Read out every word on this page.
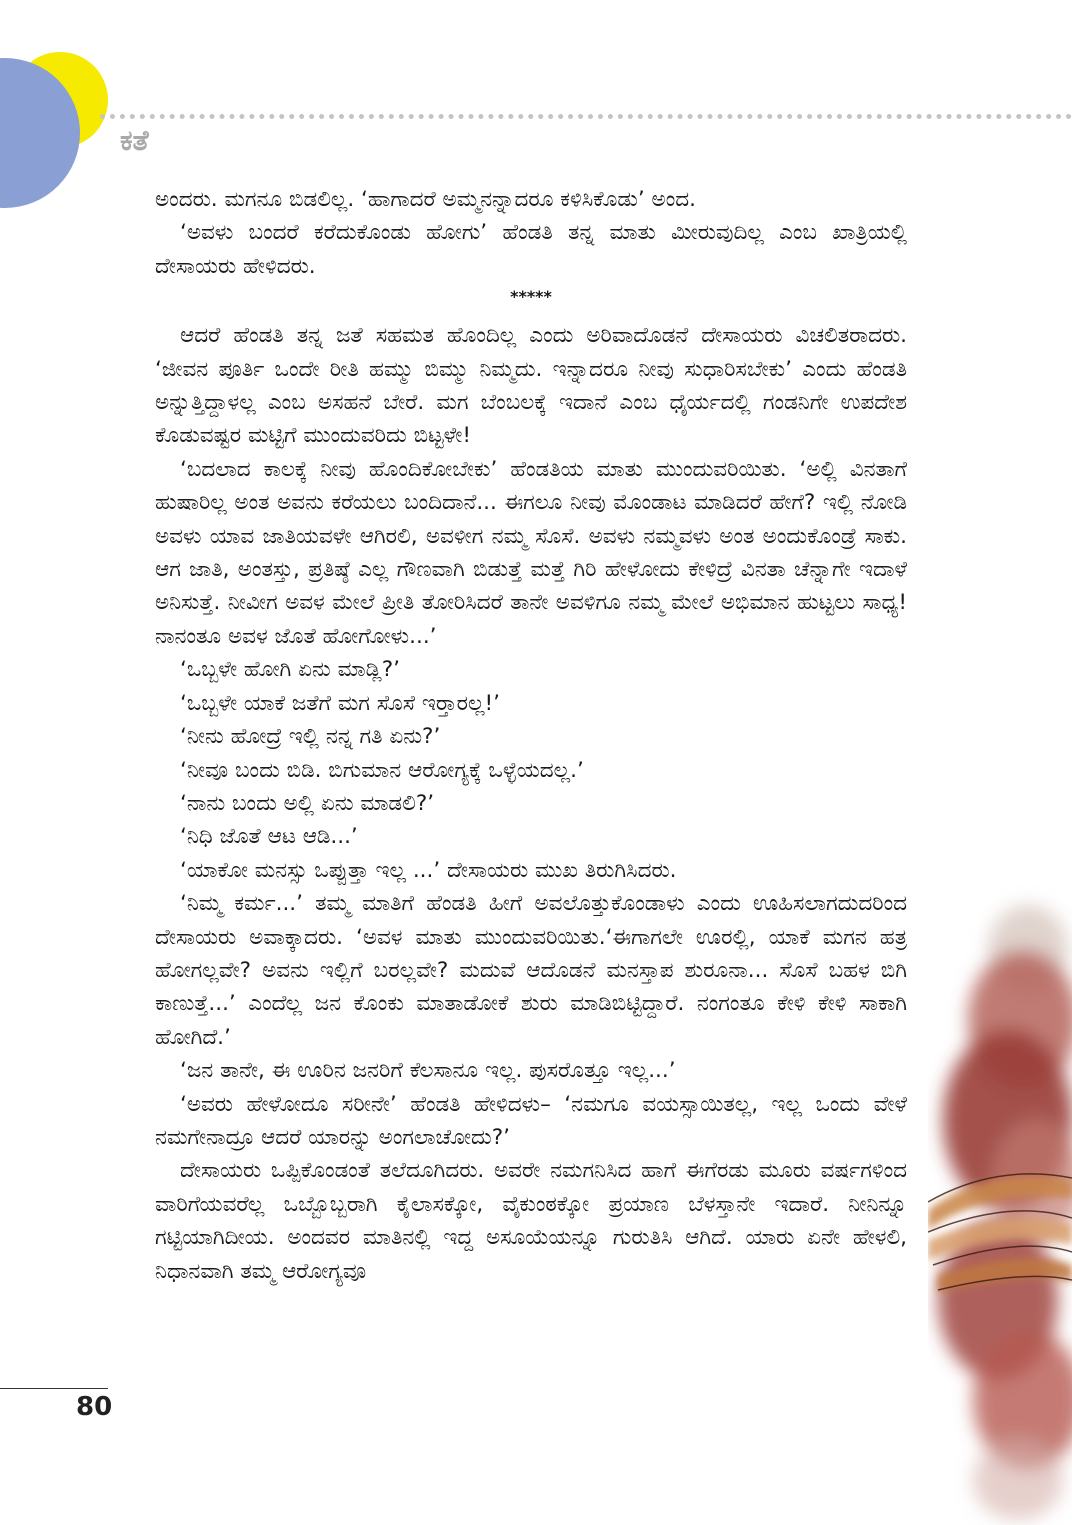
ಕತೆ

ಅಂದರು. ಮಗನೂ ಬಿಡಲಿಲ್ಲ. ‘ಹಾಗಾದರೆ ಅಮ್ಮನನ್ನಾದರೂ ಕಳಿಸಿಕೊಡು’ ಅಂದ.

‘ಅವಳು ಬಂದರೆ ಕರೆದುಕೊಂಡು ಹೋಗು’ ಹೆಂಡತಿ ತನ್ನ ಮಾತು ಮೀರುವುದಿಲ್ಲ ಎಂಬ ಖಾತ್ರಿಯಲ್ಲಿ ದೇಸಾಯರು ಹೇಳಿದರು.

*****

ಆದರೆ ಹೆಂಡತಿ ತನ್ನ ಜತೆ ಸಹಮತ ಹೊಂದಿಲ್ಲ ಎಂದು ಅರಿವಾದೊಡನೆ ದೇಸಾಯರು ವಿಚಲಿತರಾದರು. ‘ಜೀವನ ಪೂರ್ತಿ ಒಂದೇ ರೀತಿ ಹಮ್ಮು ಬಿಮ್ಮು ನಿಮ್ಮದು. ಇನ್ನಾದರೂ ನೀವು ಸುಧಾರಿಸಬೇಕು’ ಎಂದು ಹೆಂಡತಿ ಅನ್ನುತ್ತಿದ್ದಾಳಲ್ಲ ಎಂಬ ಅಸಹನೆ ಬೇರೆ. ಮಗ ಬೆಂಬಲಕ್ಕೆ ಇದಾನೆ ಎಂಬ ಧೈರ್ಯದಲ್ಲಿ ಗಂಡನಿಗೇ ಉಪದೇಶ ಕೊಡುವಷ್ಟರ ಮಟ್ಟಿಗೆ ಮುಂದುವರಿದು ಬಿಟ್ಟಳೇ!

‘ಬದಲಾದ ಕಾಲಕ್ಕೆ ನೀವು ಹೊಂದಿಕೋಬೇಕು’ ಹೆಂಡತಿಯ ಮಾತು ಮುಂದುವರಿಯಿತು. ‘ಅಲ್ಲಿ ವಿನತಾಗೆ ಹುಷಾರಿಲ್ಲ ಅಂತ ಅವನು ಕರೆಯಲು ಬಂದಿದಾನೆ... ಈಗಲೂ ನೀವು ಮೊಂಡಾಟ ಮಾಡಿದರೆ ಹೇಗೆ? ಇಲ್ಲಿ ನೋಡಿ ಅವಳು ಯಾವ ಜಾತಿಯವಳೇ ಆಗಿರಲಿ, ಅವಳೀಗ ನಮ್ಮ ಸೊಸೆ. ಅವಳು ನಮ್ಮವಳು ಅಂತ ಅಂದುಕೊಂಡ್ರೆ ಸಾಕು. ಆಗ ಜಾತಿ, ಅಂತಸ್ತು, ಪ್ರತಿಷ್ಠೆ ಎಲ್ಲ ಗೌಣವಾಗಿ ಬಿಡುತ್ತೆ ಮತ್ತೆ ಗಿರಿ ಹೇಳೋದು ಕೇಳಿದ್ರೆ ವಿನತಾ ಚೆನ್ನಾಗೇ ಇದಾಳೆ ಅನಿಸುತ್ತೆ. ನೀವೀಗ ಅವಳ ಮೇಲೆ ಪ್ರೀತಿ ತೋರಿಸಿದರೆ ತಾನೇ ಅವಳಿಗೂ ನಮ್ಮ ಮೇಲೆ ಅಭಿಮಾನ ಹುಟ್ಟಲು ಸಾಧ್ಯ! ನಾನಂತೂ ಅವಳ ಜೊತೆ ಹೋಗೋಳು...’

‘ಒಬ್ಬಳೇ ಹೋಗಿ ಏನು ಮಾಡ್ಲಿ?’

‘ಒಬ್ಬಳೇ ಯಾಕೆ ಜತೆಗೆ ಮಗ ಸೊಸೆ ಇರ್‍ತಾರಲ್ಲ!’

‘ನೀನು ಹೋದ್ರೆ ಇಲ್ಲಿ ನನ್ನ ಗತಿ ಏನು?’

‘ನೀವೂ ಬಂದು ಬಿಡಿ. ಬಿಗುಮಾನ ಆರೋಗ್ಯಕ್ಕೆ ಒಳ್ಳೆಯದಲ್ಲ.’

‘ನಾನು ಬಂದು ಅಲ್ಲಿ ಏನು ಮಾಡಲಿ?’

‘ನಿಧಿ ಜೊತೆ ಆಟ ಆಡಿ...’

‘ಯಾಕೋ ಮನಸ್ಸು ಒಪ್ಪುತ್ತಾ ಇಲ್ಲ ...’ ದೇಸಾಯರು ಮುಖ ತಿರುಗಿಸಿದರು.

‘ನಿಮ್ಮ ಕರ್ಮ...’ ತಮ್ಮ ಮಾತಿಗೆ ಹೆಂಡತಿ ಹೀಗೆ ಅವಲೊತ್ತುಕೊಂಡಾಳು ಎಂದು ಊಹಿಸಲಾಗದುದರಿಂದ ದೇಸಾಯರು ಅವಾಕ್ಕಾದರು. ‘ಅವಳ ಮಾತು ಮುಂದುವರಿಯಿತು.‘ಈಗಾಗಲೇ ಊರಲ್ಲಿ, ಯಾಕೆ ಮಗನ ಹತ್ರ ಹೋಗಲ್ಲವೇ? ಅವನು ಇಲ್ಲಿಗೆ ಬರಲ್ಲವೇ? ಮದುವೆ ಆದೊಡನೆ ಮನಸ್ತಾಪ ಶುರೂನಾ... ಸೊಸೆ ಬಹಳ ಬಿಗಿ ಕಾಣುತ್ತೆ...’ ಎಂದೆಲ್ಲ ಜನ ಕೊಂಕು ಮಾತಾಡೋಕೆ ಶುರು ಮಾಡಿಬಿಟ್ಟಿದ್ದಾರೆ. ನಂಗಂತೂ ಕೇಳಿ ಕೇಳಿ ಸಾಕಾಗಿ ಹೋಗಿದೆ.’

‘ಜನ ತಾನೇ, ಈ ಊರಿನ ಜನರಿಗೆ ಕೆಲಸಾನೂ ಇಲ್ಲ. ಪುಸರೊತ್ತೂ ಇಲ್ಲ...’

‘ಅವರು ಹೇಳೋದೂ ಸರೀನೇ’ ಹೆಂಡತಿ ಹೇಳಿದಳು– ‘ನಮಗೂ ವಯಸ್ಸಾಯಿತಲ್ಲ, ಇಲ್ಲ ಒಂದು ವೇಳೆ ನಮಗೇನಾದ್ರೂ ಆದರೆ ಯಾರನ್ನು ಅಂಗಲಾಚೋದು?’

ದೇಸಾಯರು ಒಪ್ಪಿಕೊಂಡಂತೆ ತಲೆದೂಗಿದರು. ಅವರೇ ನಮಗನಿಸಿದ ಹಾಗೆ ಈಗೆರಡು ಮೂರು ವರ್ಷಗಳಿಂದ ವಾರಿಗೆಯವರೆಲ್ಲ ಒಬ್ಬೊಬ್ಬರಾಗಿ ಕೈಲಾಸಕ್ಕೋ, ವೈಕುಂಠಕ್ಕೋ ಪ್ರಯಾಣ ಬೆಳಸ್ತಾನೇ ಇದಾರೆ. ನೀನಿನ್ನೂ ಗಟ್ಟಿಯಾಗಿದೀಯ. ಅಂದವರ ಮಾತಿನಲ್ಲಿ ಇದ್ದ ಅಸೂಯೆಯನ್ನೂ ಗುರುತಿಸಿ ಆಗಿದೆ. ಯಾರು ಏನೇ ಹೇಳಲಿ, ನಿಧಾನವಾಗಿ ತಮ್ಮ ಆರೋಗ್ಯವೂ

80
